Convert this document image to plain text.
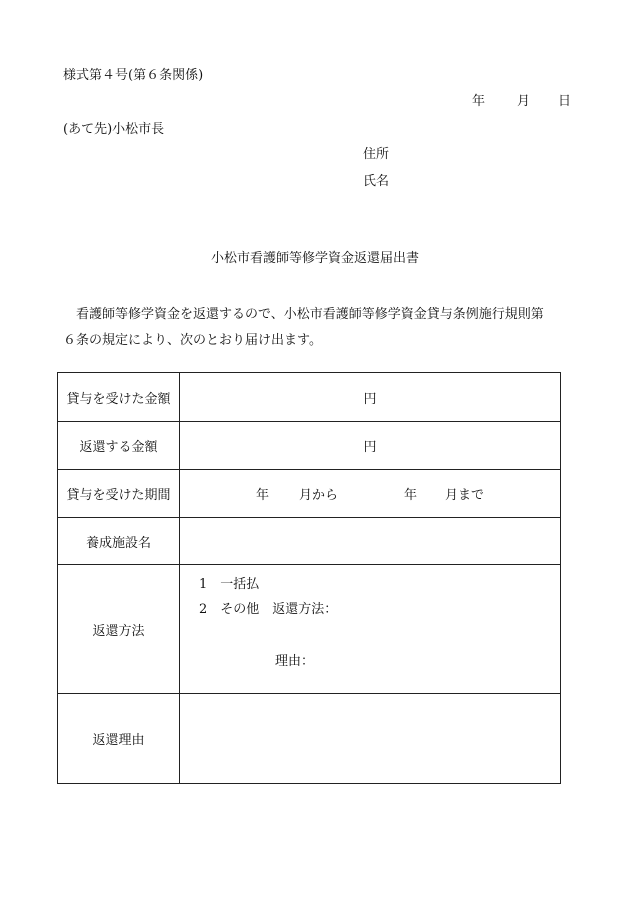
様式第４号(第６条関係)
年 月 日
(あて先)小松市長
住所
氏名
小松市看護師等修学資金返還届出書
看護師等修学資金を返還するので、小松市看護師等修学資金貸与条例施行規則第
６条の規定により、次のとおり届け出ます。
貸与を受けた金額	円
返還する金額	円
貸与を受けた期間	年 月から 年 月まで
養成施設名	
返還方法	1　一括払
2　その他　返還方法：
理由：

返還理由	
